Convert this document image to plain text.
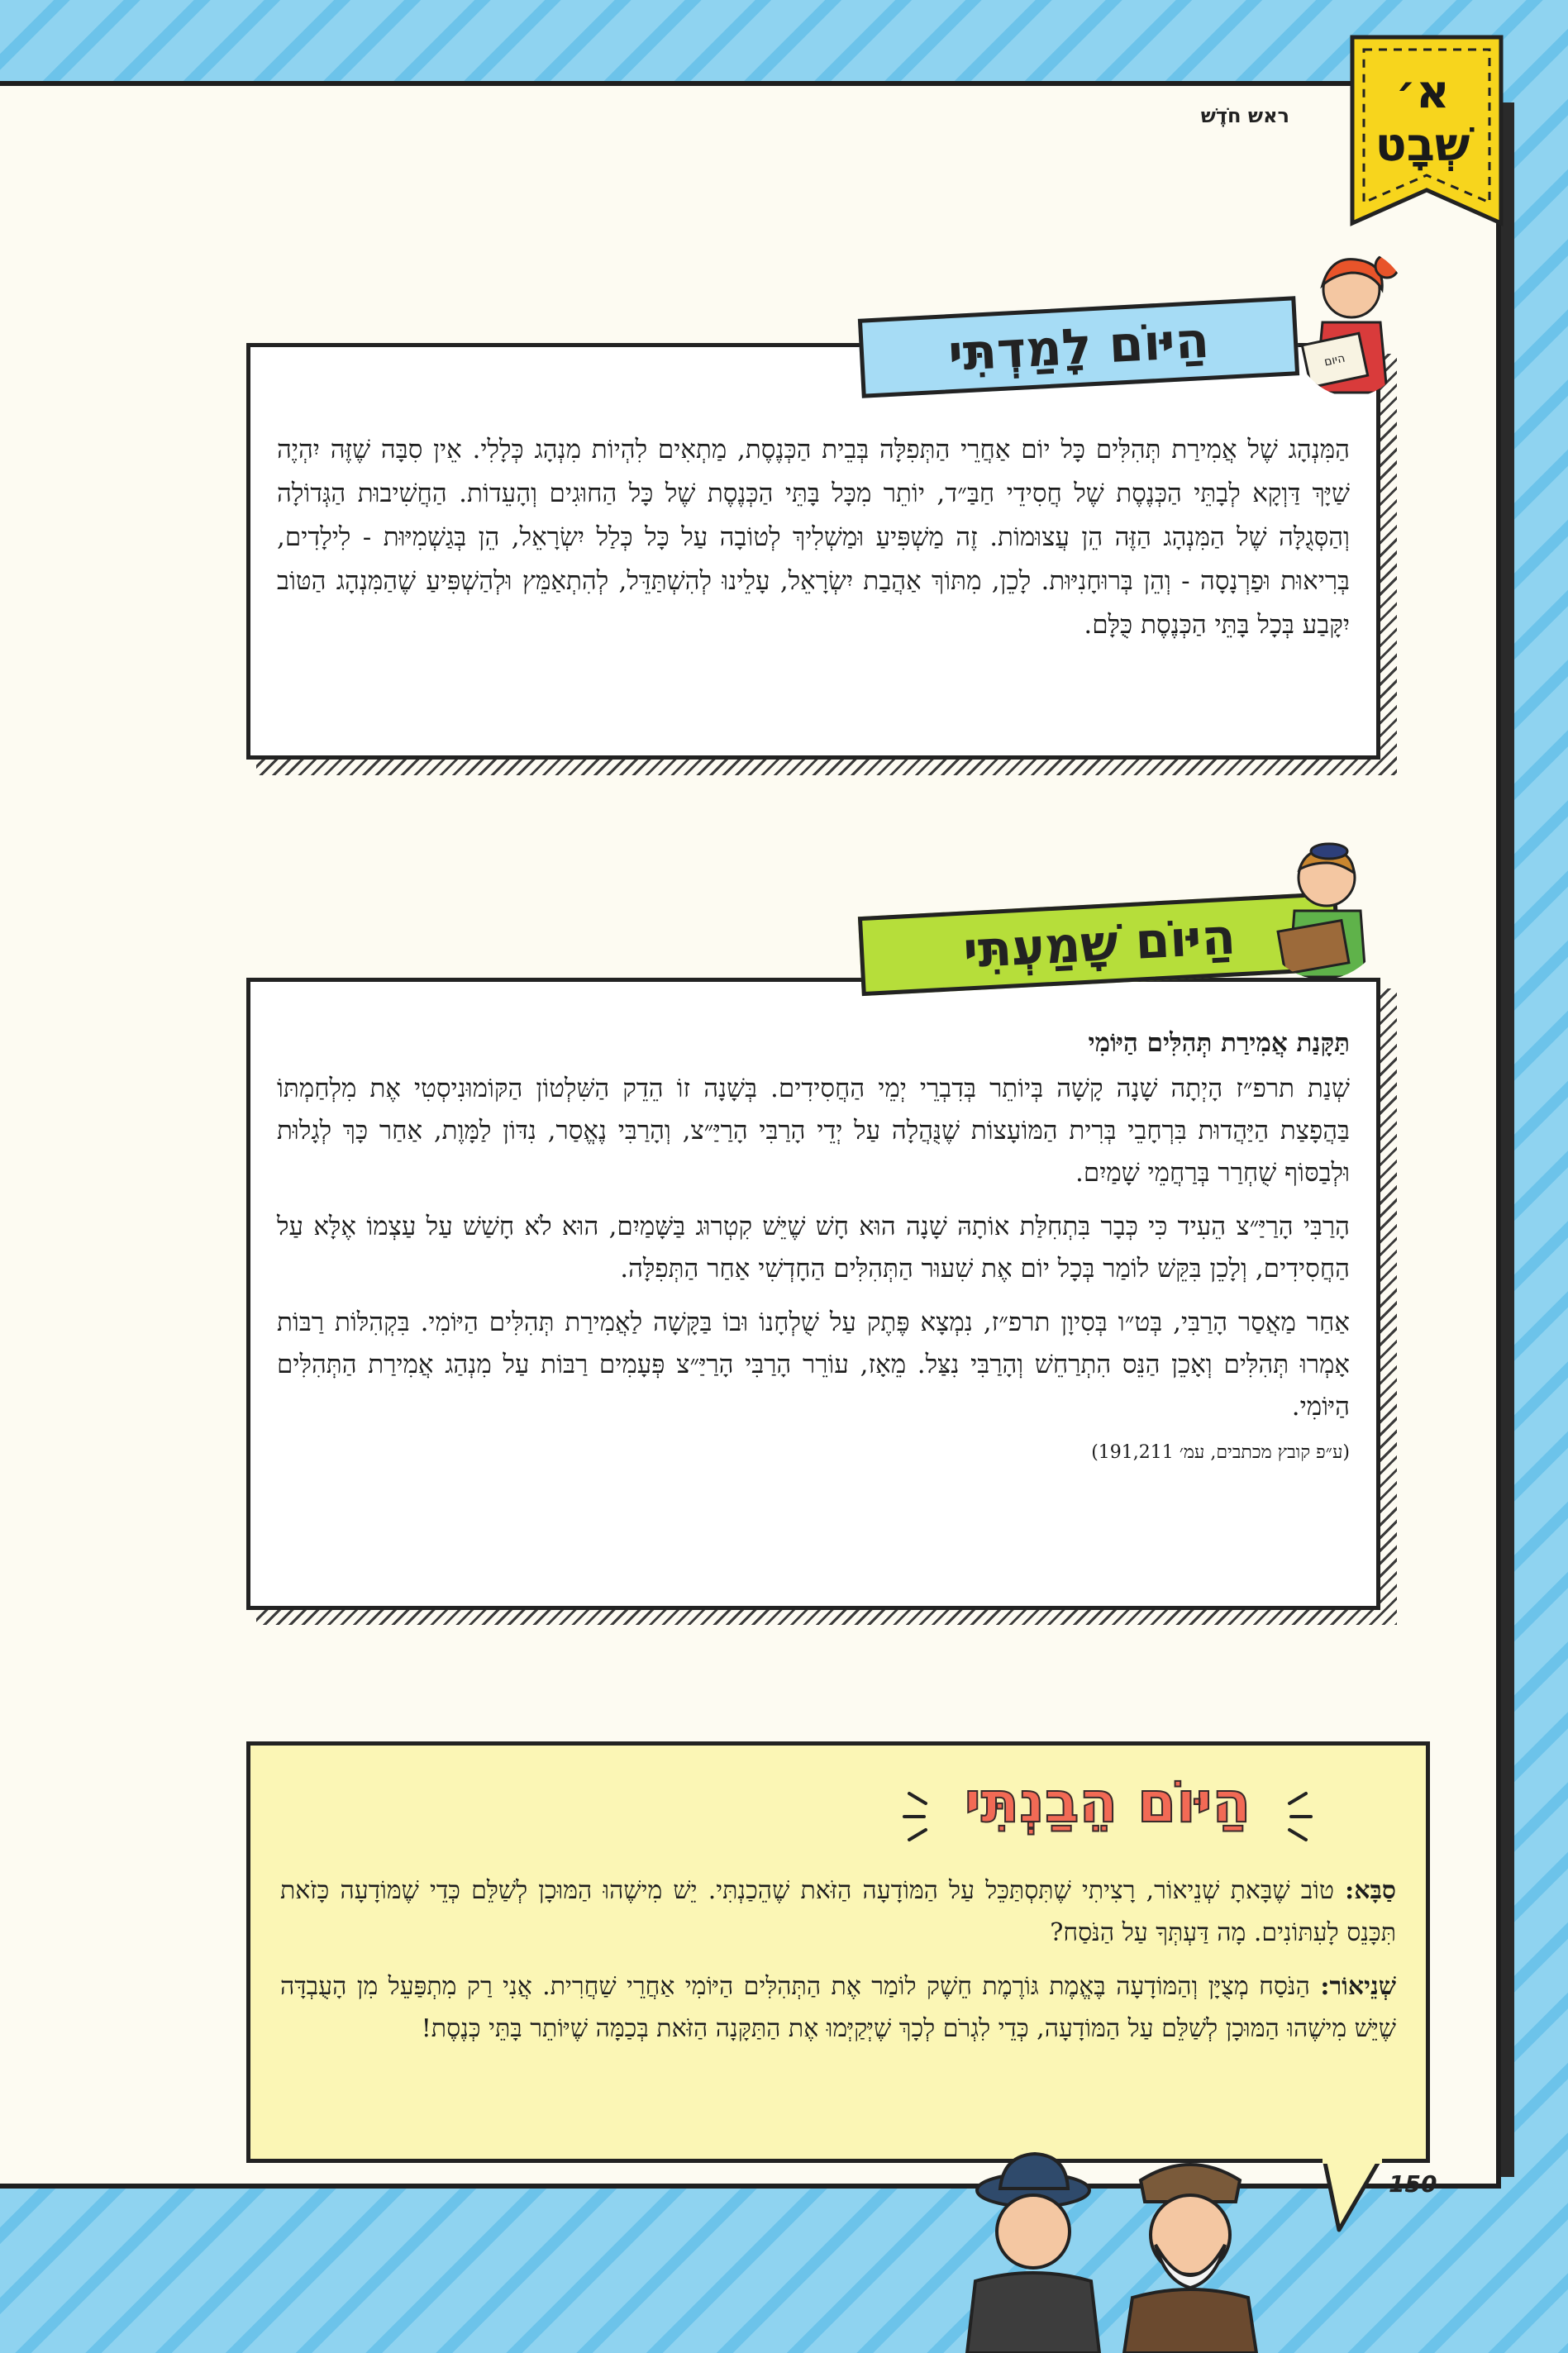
ראש חֹדֶשׁ	א׳
שְׁבָט

הַמִּנְהָג שֶׁל אֲמִירַת תְּהִלִּים כָּל יוֹם אַחֲרֵי הַתְּפִלָּה בְּבֵית הַכְּנֶסֶת, מַתְאִים לִהְיוֹת מִנְהָג כְּלָלִי. אֵין סִבָּה שֶׁזֶּה יִהְיֶה שַׁיָּךְ דַּוְקָא לְבָתֵּי הַכְּנֶסֶת שֶׁל חֲסִידֵי חַבַּ״ד, יוֹתֵר מִכָּל בָּתֵּי הַכְּנֶסֶת שֶׁל כָּל הַחוּגִים וְהָעֵדוֹת. הַחֲשִׁיבוּת הַגְּדוֹלָה וְהַסְּגֻלָּה שֶׁל הַמִּנְהָג הַזֶּה הֵן עֲצוּמוֹת. זֶה מַשְׁפִּיעַ וּמַשְׁלִיךְ לְטוֹבָה עַל כָּל כְּלַל יִשְׂרָאֵל, הֵן בְּגַשְׁמִיּוּת - לִילָדִים, בְּרִיאוּת וּפַרְנָסָה - וְהֵן בְּרוּחָנִיּוּת. לָכֵן, מִתּוֹךְ אַהֲבַת יִשְׂרָאֵל, עָלֵינוּ לְהִשְׁתַּדֵּל, לְהִתְאַמֵּץ וּלְהַשְׁפִּיעַ שֶׁהַמִּנְהָג הַטּוֹב יִקָּבַע בְּכָל בָּתֵּי הַכְּנֶסֶת כֻּלָּם.

הַיּוֹם לָמַדְתִּי	היום

תַּקָּנַת אֲמִירַת תְּהִלִּים הַיּוֹמִי

שְׁנַת תרפ״ז הָיְתָה שָׁנָה קָשָׁה בְּיוֹתֵר בְּדִבְרֵי יְמֵי הַחֲסִידִים. בְּשָׁנָה זוֹ הֵדֵק הַשִּׁלְטוֹן הַקּוֹמוּנִיסְטִי אֶת מִלְחַמְתּוֹ בַּהֲפָצַת הַיַּהֲדוּת בִּרְחָבֵי בְּרִית הַמּוֹעָצוֹת שֶׁנֻּהֲלָה עַל יְדֵי הָרַבִּי הָרַיַּ״צ, וְהָרַבִּי נֶאֱסַר, נִדּוֹן לַמָּוֶת, אַחַר כָּךְ לְגָלוּת וּלְבַסּוֹף שֻׁחְרַר בְּרַחֲמֵי שָׁמַיִם.

הָרַבִּי הָרַיַּ״צ הֵעִיד כִּי כְּבָר בִּתְחִלַּת אוֹתָהּ שָׁנָה הוּא חָשׁ שֶׁיֵּשׁ קִטְרוּג בַּשָּׁמַיִם, הוּא לֹא חָשַׁשׁ עַל עַצְמוֹ אֶלָּא עַל הַחֲסִידִים, וְלָכֵן בִּקֵּשׁ לוֹמַר בְּכָל יוֹם אֶת שִׁעוּר הַתְּהִלִּים הַחָדְשִׁי אַחַר הַתְּפִלָּה.

אַחַר מַאֲסַר הָרַבִּי, בְּט״ו בְּסִיוָן תרפ״ז, נִמְצָא פֶּתֶק עַל שֻׁלְחָנוֹ וּבוֹ בַּקָּשָׁה לַאֲמִירַת תְּהִלִּים הַיּוֹמִי. בִּקְהִלּוֹת רַבּוֹת אָמְרוּ תְּהִלִּים וְאָכֵן הַנֵּס הִתְרַחֵשׁ וְהָרַבִּי נִצַּל. מֵאָז, עוֹרֵר הָרַבִּי הָרַיַּ״צ פְּעָמִים רַבּוֹת עַל מִנְהַג אֲמִירַת הַתְּהִלִּים הַיּוֹמִי.

(ע״פ קובץ מכתבים, עמ׳ 191,211)

הַיּוֹם שָׁמַעְתִּי

סַבָּא: טוֹב שֶׁבָּאתָ שְׁנֵיאוֹר, רָצִיתִי שֶׁתִּסְתַּכֵּל עַל הַמּוֹדָעָה הַזֹּאת שֶׁהֵכַנְתִּי. יֵשׁ מִישֶׁהוּ הַמּוּכָן לְשַׁלֵּם כְּדֵי שֶׁמּוֹדָעָה כָּזֹאת תִּכָּנֵס לָעִתּוֹנִים. מָה דַּעְתְּךָ עַל הַנֹּסַח?

שְׁנֵיאוֹר: הַנֹּסַח מְצֻיָּן וְהַמּוֹדָעָה בֶּאֱמֶת גּוֹרֶמֶת חֵשֶׁק לוֹמַר אֶת הַתְּהִלִּים הַיּוֹמִי אַחֲרֵי שַׁחֲרִית. אֲנִי רַק מִתְפַּעֵל מִן הָעֻבְדָּה שֶׁיֵּשׁ מִישֶׁהוּ הַמּוּכָן לְשַׁלֵּם עַל הַמּוֹדָעָה, כְּדֵי לִגְרֹם לְכָךְ שֶׁיְּקַיְּמוּ אֶת הַתַּקָּנָה הַזֹּאת בְּכַמָּה שֶׁיּוֹתֵר בָּתֵּי כְּנֶסֶת!

הַיּוֹם הֵבַנְתִּי
150
